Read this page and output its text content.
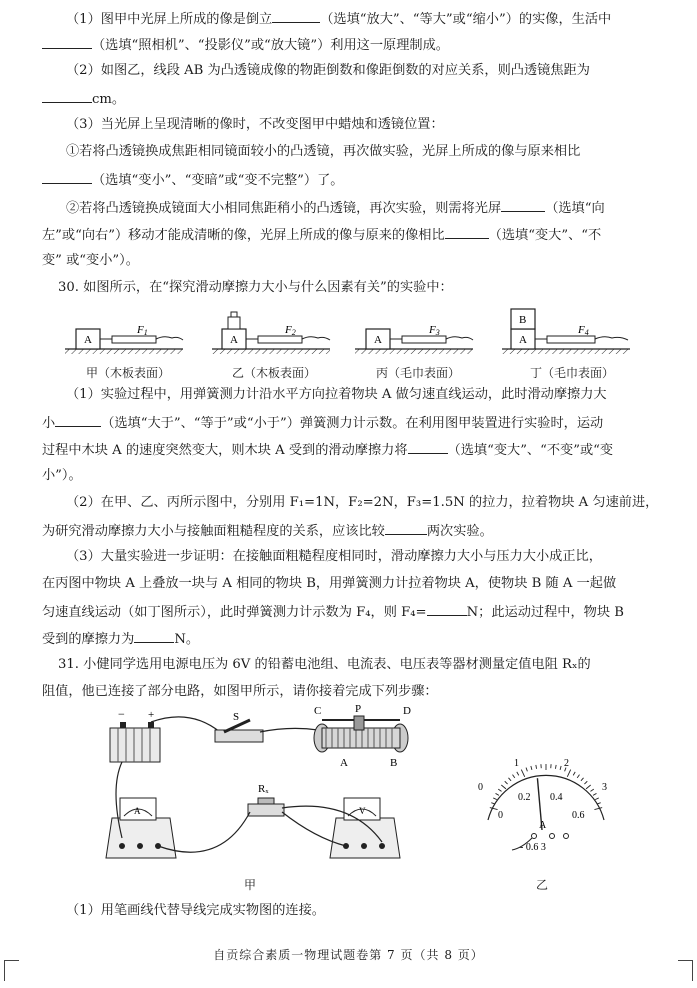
（1）图甲中光屏上所成的像是倒立	（选填“放大”、“等大”或“缩小”）的实像，生活中
（选填“照相机”、“投影仪”或“放大镜”）利用这一原理制成。
（2）如图乙，线段 AB 为凸透镜成像的物距倒数和像距倒数的对应关系，则凸透镜焦距为
cm。
（3）当光屏上呈现清晰的像时，不改变图甲中蜡烛和透镜位置：
①若将凸透镜换成焦距相同镜面较小的凸透镜，再次做实验，光屏上所成的像与原来相比
（选填“变小”、“变暗”或“变不完整”）了。
②若将凸透镜换成镜面大小相同焦距稍小的凸透镜，再次实验，则需将光屏	（选填“向
左”或“向右”）移动才能成清晰的像，光屏上所成的像与原来的像相比	（选填“变大”、“不
变” 或“变小”）。
30. 如图所示，在“探究滑动摩擦力大小与什么因素有关”的实验中：
A
F1
A
F2
A
F3
A
B
F4
甲（木板表面）	乙（木板表面）	丙（毛巾表面）	丁（毛巾表面）
（1）实验过程中，用弹簧测力计沿水平方向拉着物块 A 做匀速直线运动，此时滑动摩擦力大
小	（选填“大于”、“等于”或“小于”）弹簧测力计示数。在利用图甲装置进行实验时，运动
过程中木块 A 的速度突然变大，则木块 A 受到的滑动摩擦力将	（选填“变大”、“不变”或“变
小”）。
（2）在甲、乙、丙所示图中，分别用 F₁=1N，F₂=2N，F₃=1.5N 的拉力，拉着物块 A 匀速前进，
为研究滑动摩擦力大小与接触面粗糙程度的关系，应该比较	两次实验。
（3）大量实验进一步证明：在接触面粗糙程度相同时，滑动摩擦力大小与压力大小成正比，
在丙图中物块 A 上叠放一块与 A 相同的物块 B，用弹簧测力计拉着物块 A，使物块 B 随 A 一起做
匀速直线运动（如丁图所示），此时弹簧测力计示数为 F₄，则 F₄=	N；此运动过程中，物块 B
受到的摩擦力为	N。
31. 小健同学选用电源电压为 6V 的铅蓄电池组、电流表、电压表等器材测量定值电阻 Rₓ的
阻值，他已连接了部分电路，如图甲所示，请你接着完成下列步骤：
− +	S	C	P	D
A	B
A
Rₓ
V
甲
0
1	2
3
0
0.2 0.4
0.6
A
- 0.6 3
乙
（1）用笔画线代替导线完成实物图的连接。
自贡综合素质一物理试题卷第 7 页（共 8 页）
